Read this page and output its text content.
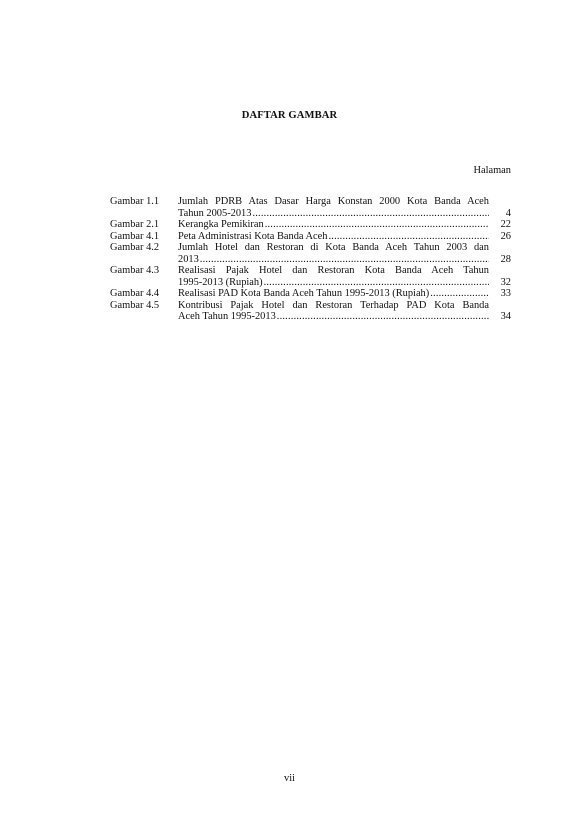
DAFTAR GAMBAR
Halaman
Gambar 1.1 Jumlah PDRB Atas Dasar Harga Konstan 2000 Kota Banda Aceh
Tahun 2005-2013 .....	4
Gambar 2.1 Kerangka Pemikiran .....	22
Gambar 4.1 Peta Administrasi Kota Banda Aceh .....	26
Gambar 4.2 Jumlah Hotel dan Restoran di Kota Banda Aceh Tahun 2003 dan
2013 .....	28
Gambar 4.3 Realisasi Pajak Hotel dan Restoran Kota Banda Aceh Tahun
1995-2013 (Rupiah) .....	32
Gambar 4.4 Realisasi PAD Kota Banda Aceh Tahun 1995-2013 (Rupiah) .....	33
Gambar 4.5 Kontribusi Pajak Hotel dan Restoran Terhadap PAD Kota Banda
Aceh Tahun 1995-2013 .....	34
vii
